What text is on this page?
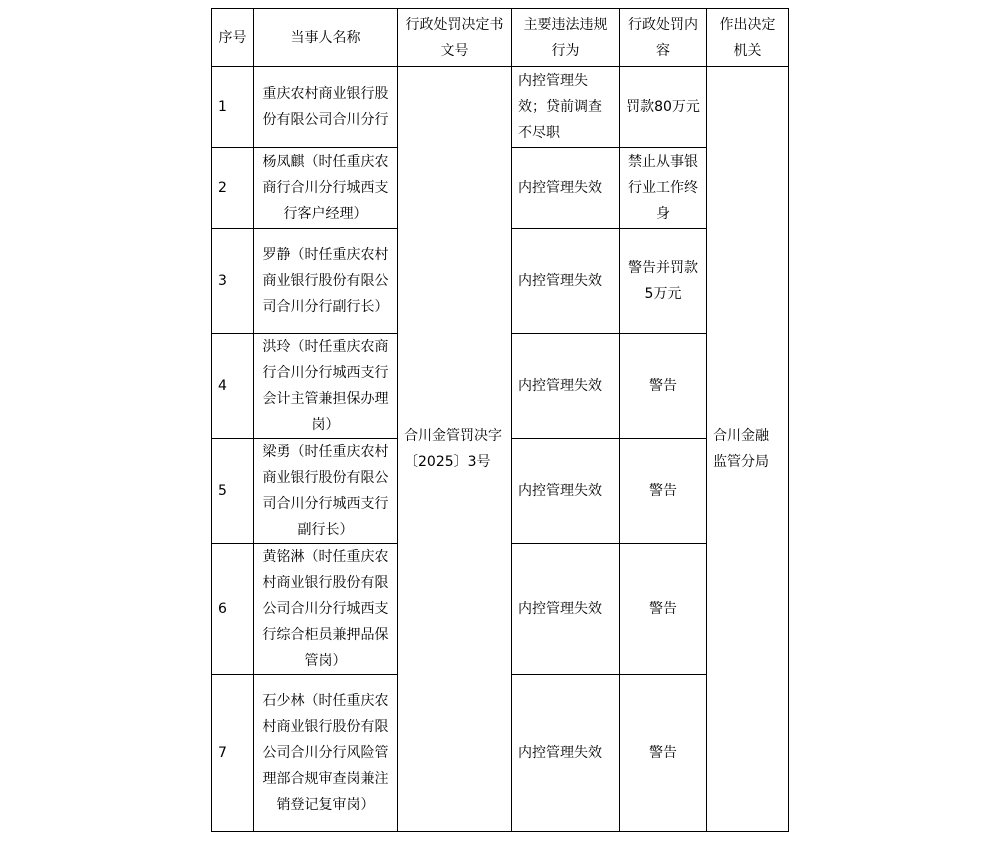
序号	当事人名称	行政处罚决定书文号	主要违法违规行为	行政处罚内容	作出决定机关
1	重庆农村商业银行股份有限公司合川分行	合川金管罚决字〔2025〕3号	内控管理失效；贷前调查不尽职	罚款80万元	合川金融监管分局
2	杨凤麒（时任重庆农商行合川分行城西支行客户经理）		内控管理失效	禁止从事银行业工作终身	
3	罗静（时任重庆农村商业银行股份有限公司合川分行副行长）		内控管理失效	警告并罚款5万元	
4	洪玲（时任重庆农商行合川分行城西支行会计主管兼担保办理岗）		内控管理失效	警告	
5	梁勇（时任重庆农村商业银行股份有限公司合川分行城西支行副行长）		内控管理失效	警告	
6	黄铭淋（时任重庆农村商业银行股份有限公司合川分行城西支行综合柜员兼押品保管岗）		内控管理失效	警告	
7	石少林（时任重庆农村商业银行股份有限公司合川分行风险管理部合规审查岗兼注销登记复审岗）		内控管理失效	警告	
